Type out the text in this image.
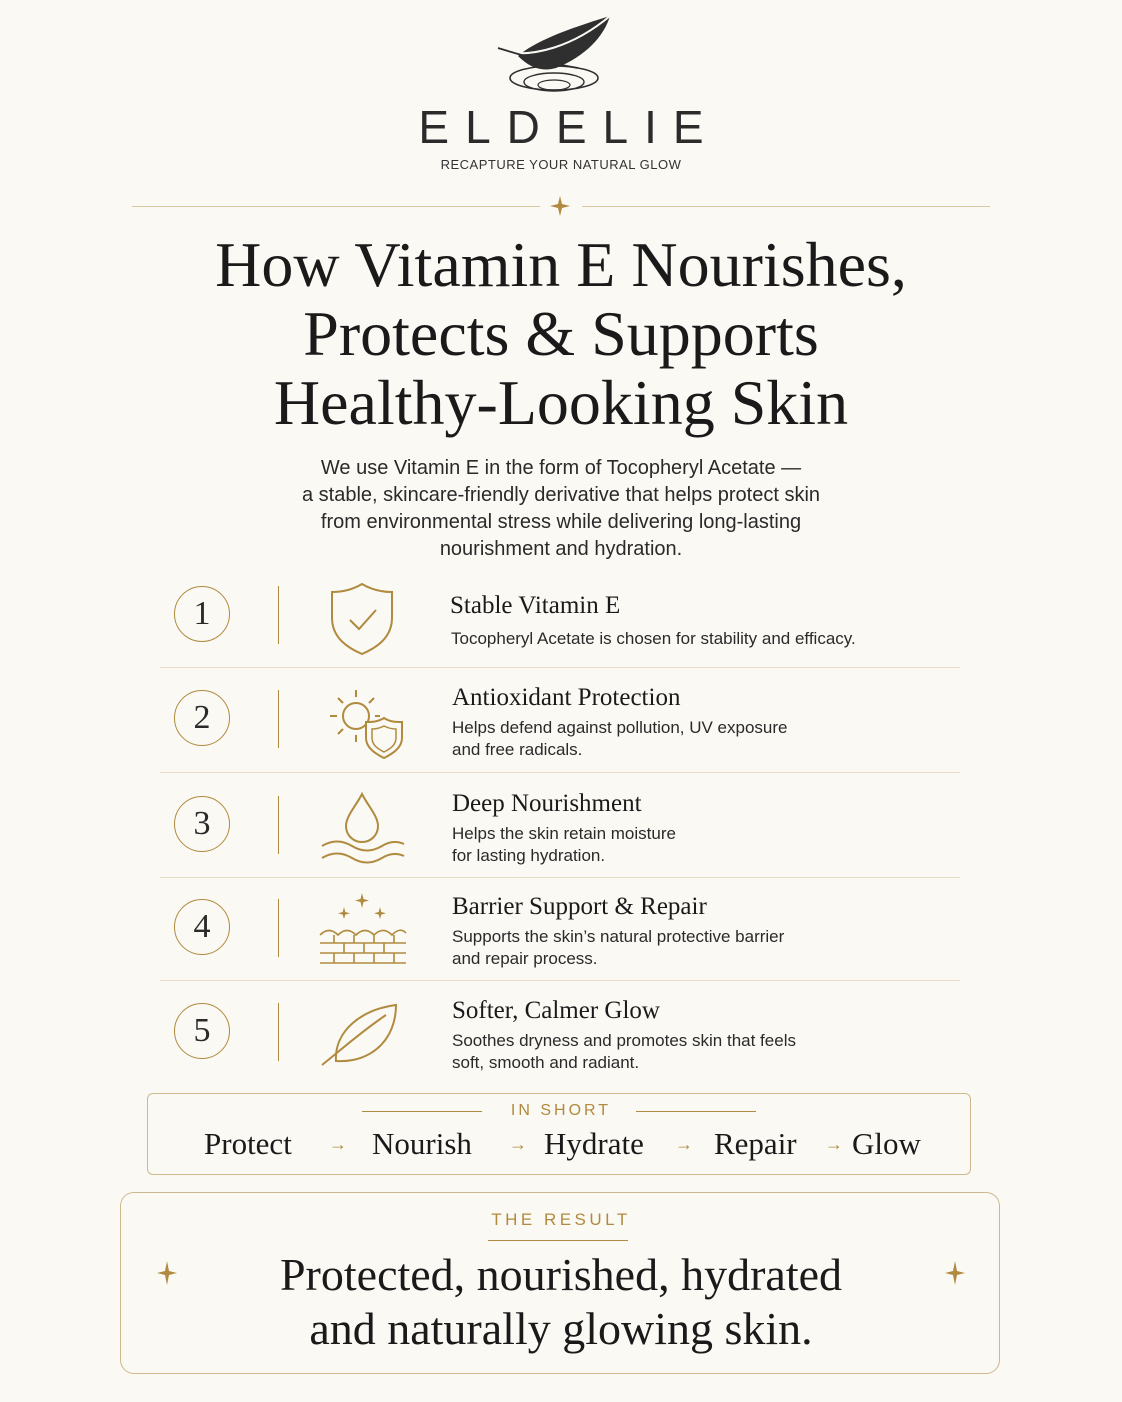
ELDELIE
RECAPTURE YOUR NATURAL GLOW
How Vitamin E Nourishes,
Protects & Supports
Healthy-Looking Skin
We use Vitamin E in the form of Tocopheryl Acetate —
a stable, skincare-friendly derivative that helps protect skin
from environmental stress while delivering long-lasting
nourishment and hydration.
1	Stable Vitamin E
Tocopheryl Acetate is chosen for stability and efficacy.
2
Antioxidant Protection
Helps defend against pollution, UV exposure
and free radicals.
3
Deep Nourishment
Helps the skin retain moisture
for lasting hydration.
4
Barrier Support & Repair
Supports the skin’s natural protective barrier
and repair process.
5
Softer, Calmer Glow
Soothes dryness and promotes skin that feels
soft, smooth and radiant.
IN SHORT
Protect → Nourish → Hydrate → Repair → Glow
THE RESULT
Protected, nourished, hydrated
and naturally glowing skin.
